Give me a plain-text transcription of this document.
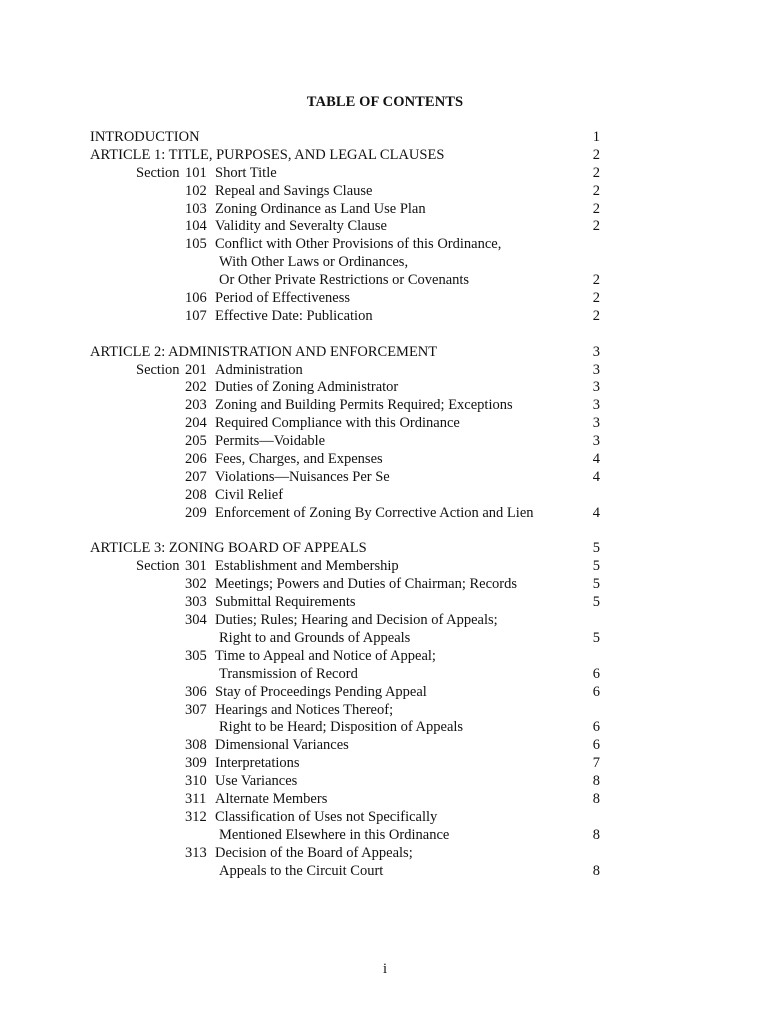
TABLE OF CONTENTS
INTRODUCTION	1
ARTICLE 1: TITLE, PURPOSES, AND LEGAL CLAUSES	2
Section 101 Short Title	2
102 Repeal and Savings Clause	2
103 Zoning Ordinance as Land Use Plan	2
104 Validity and Severalty Clause	2
105 Conflict with Other Provisions of this Ordinance,
With Other Laws or Ordinances,
Or Other Private Restrictions or Covenants	2
106 Period of Effectiveness	2
107 Effective Date: Publication	2
ARTICLE 2: ADMINISTRATION AND ENFORCEMENT	3
Section 201 Administration	3
202 Duties of Zoning Administrator	3
203 Zoning and Building Permits Required; Exceptions	3
204 Required Compliance with this Ordinance	3
205 Permits—Voidable	3
206 Fees, Charges, and Expenses	4
207 Violations—Nuisances Per Se	4
208 Civil Relief
209 Enforcement of Zoning By Corrective Action and Lien	4
ARTICLE 3: ZONING BOARD OF APPEALS	5
Section 301 Establishment and Membership	5
302 Meetings; Powers and Duties of Chairman; Records	5
303 Submittal Requirements	5
304 Duties; Rules; Hearing and Decision of Appeals;
Right to and Grounds of Appeals	5
305 Time to Appeal and Notice of Appeal;
Transmission of Record	6
306 Stay of Proceedings Pending Appeal	6
307 Hearings and Notices Thereof;
Right to be Heard; Disposition of Appeals	6
308 Dimensional Variances	6
309 Interpretations	7
310 Use Variances	8
311 Alternate Members	8
312 Classification of Uses not Specifically
Mentioned Elsewhere in this Ordinance	8
313 Decision of the Board of Appeals;
Appeals to the Circuit Court	8
i
